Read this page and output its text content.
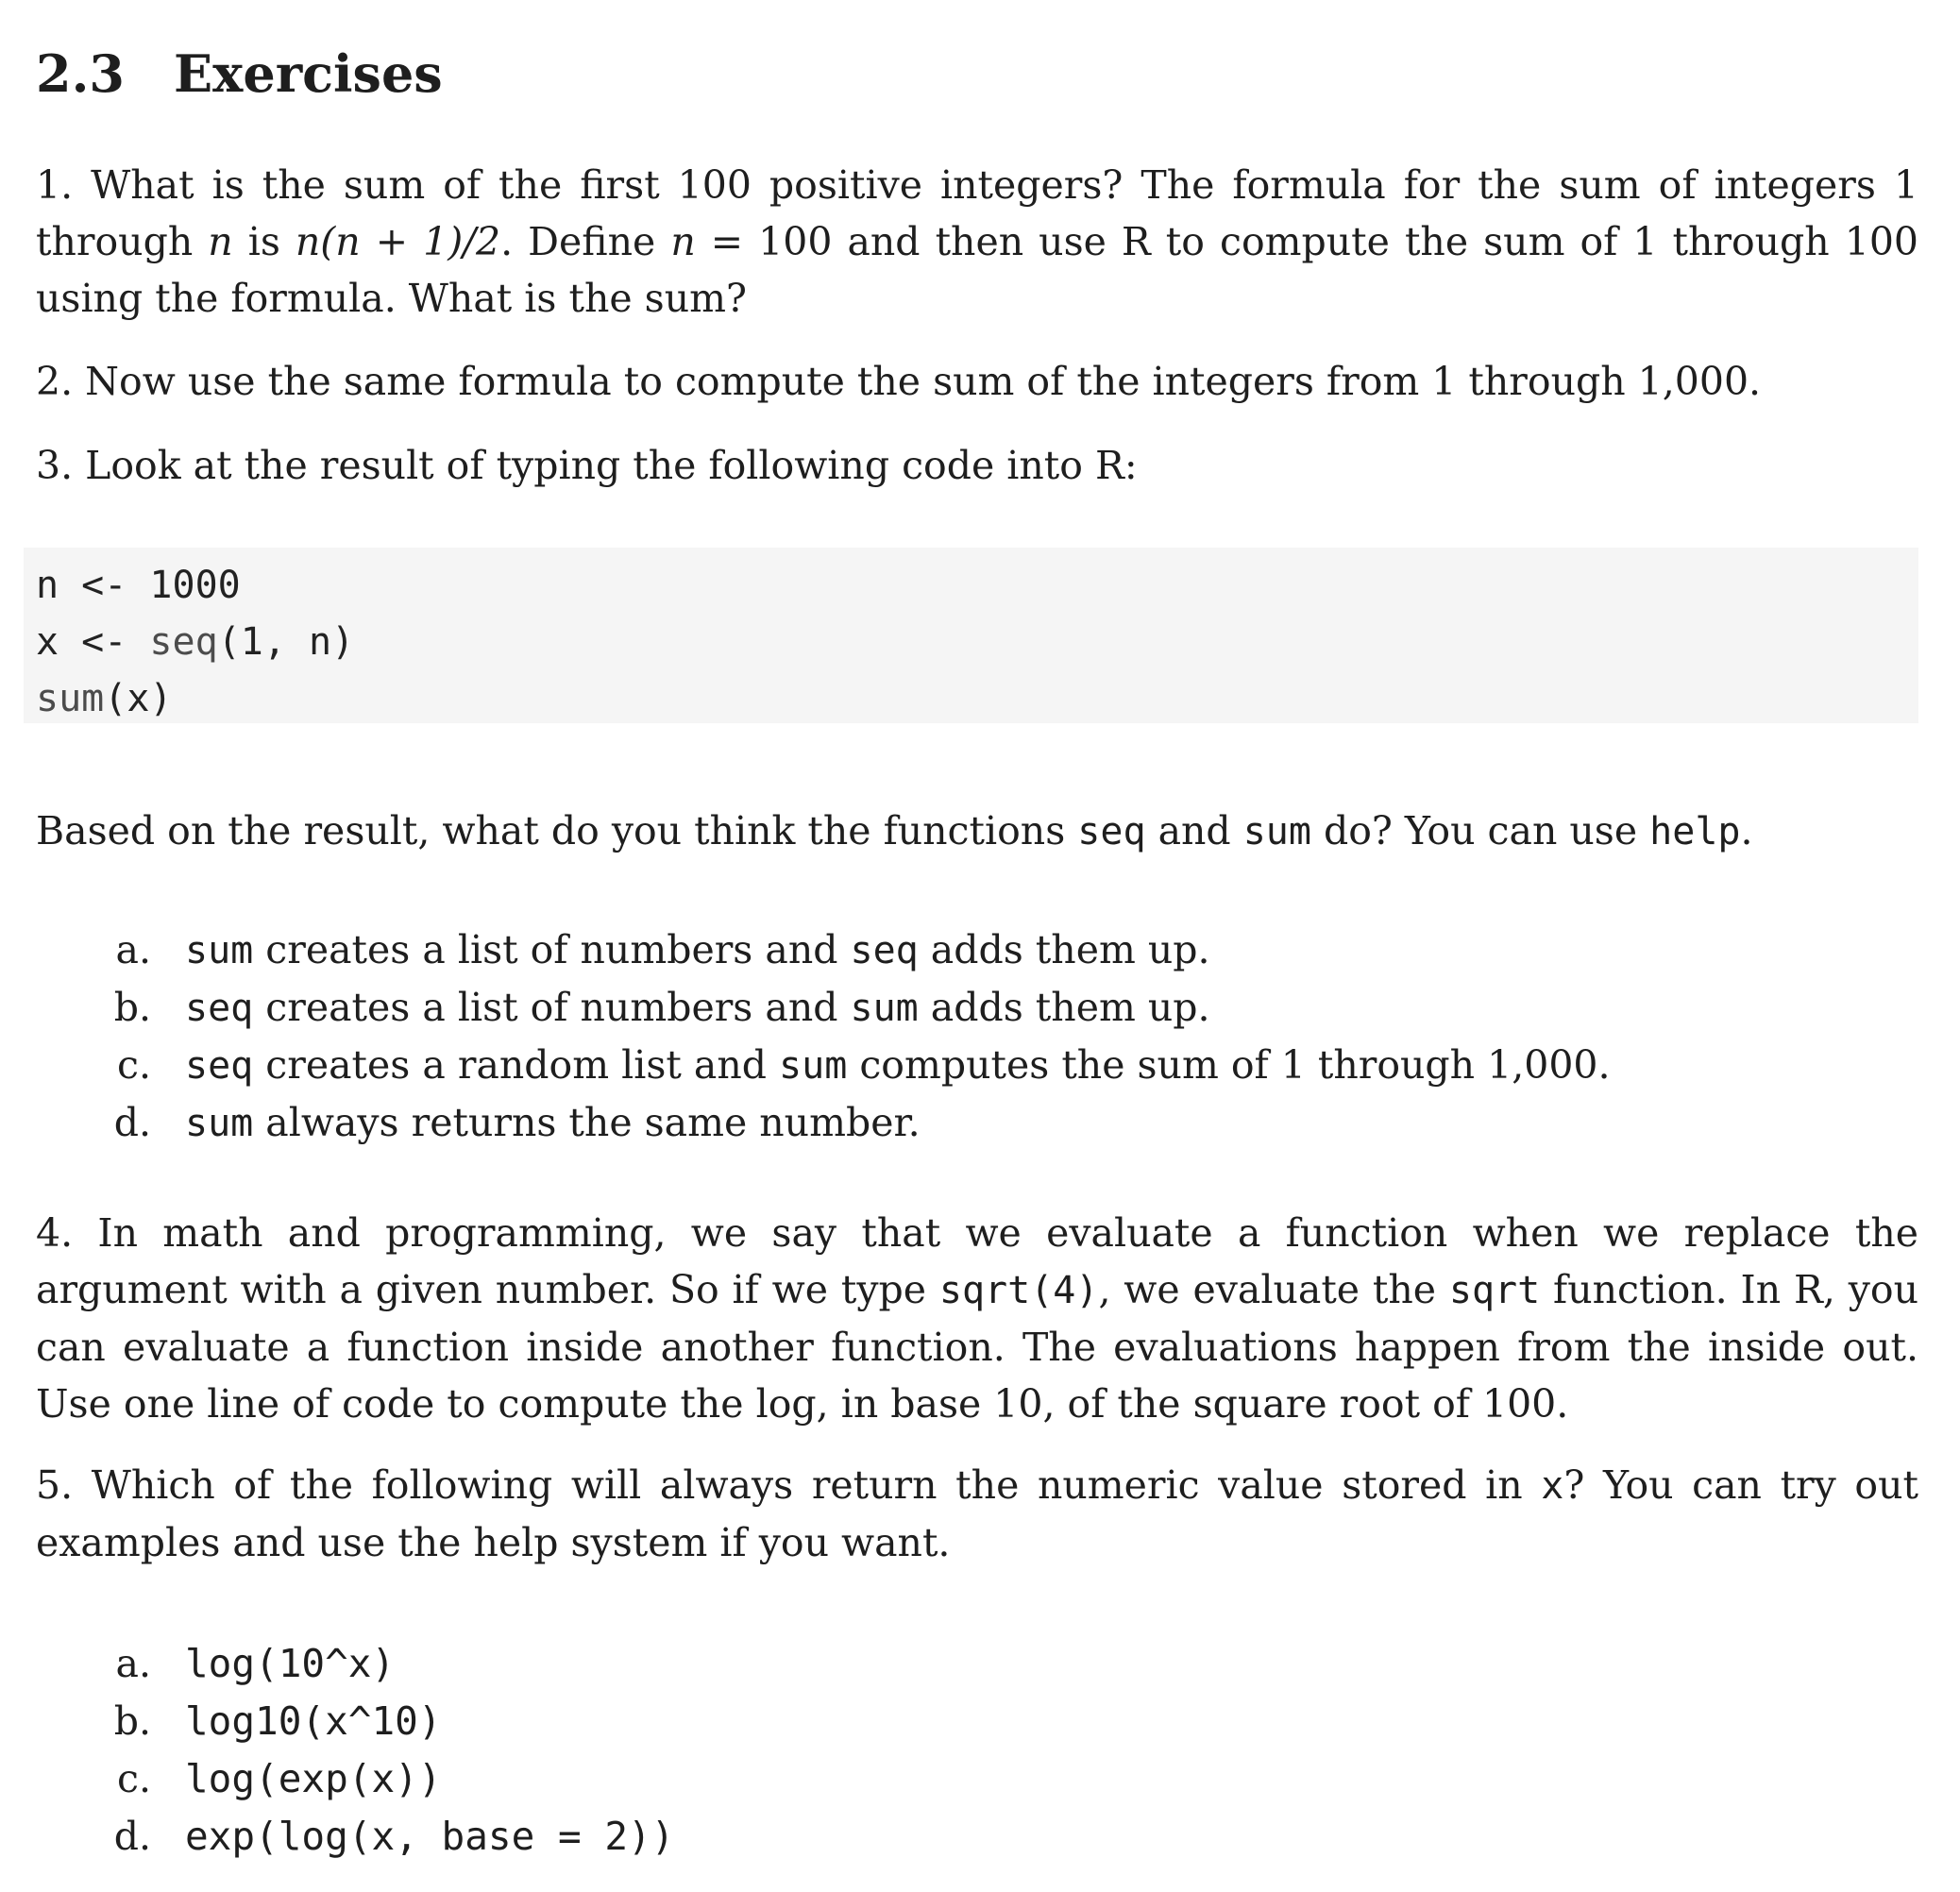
2.3 Exercises

1. What is the sum of the first 100 positive integers? The formula for the sum of integers 1 through n is n(n + 1)/2. Define n = 100 and then use R to compute the sum of 1 through 100 using the formula. What is the sum?

2. Now use the same formula to compute the sum of the integers from 1 through 1,000.

3. Look at the result of typing the following code into R:

n <- 1000
x <- seq(1, n)
sum(x)

Based on the result, what do you think the functions seq and sum do? You can use help.

a. sum creates a list of numbers and seq adds them up.
b. seq creates a list of numbers and sum adds them up.
c. seq creates a random list and sum computes the sum of 1 through 1,000.
d. sum always returns the same number.

4. In math and programming, we say that we evaluate a function when we replace the argument with a given number. So if we type sqrt(4), we evaluate the sqrt function. In R, you can evaluate a function inside another function. The evaluations happen from the inside out. Use one line of code to compute the log, in base 10, of the square root of 100.

5. Which of the following will always return the numeric value stored in x? You can try out examples and use the help system if you want.

a. log(10^x)
b. log10(x^10)
c. log(exp(x))
d. exp(log(x, base = 2))
